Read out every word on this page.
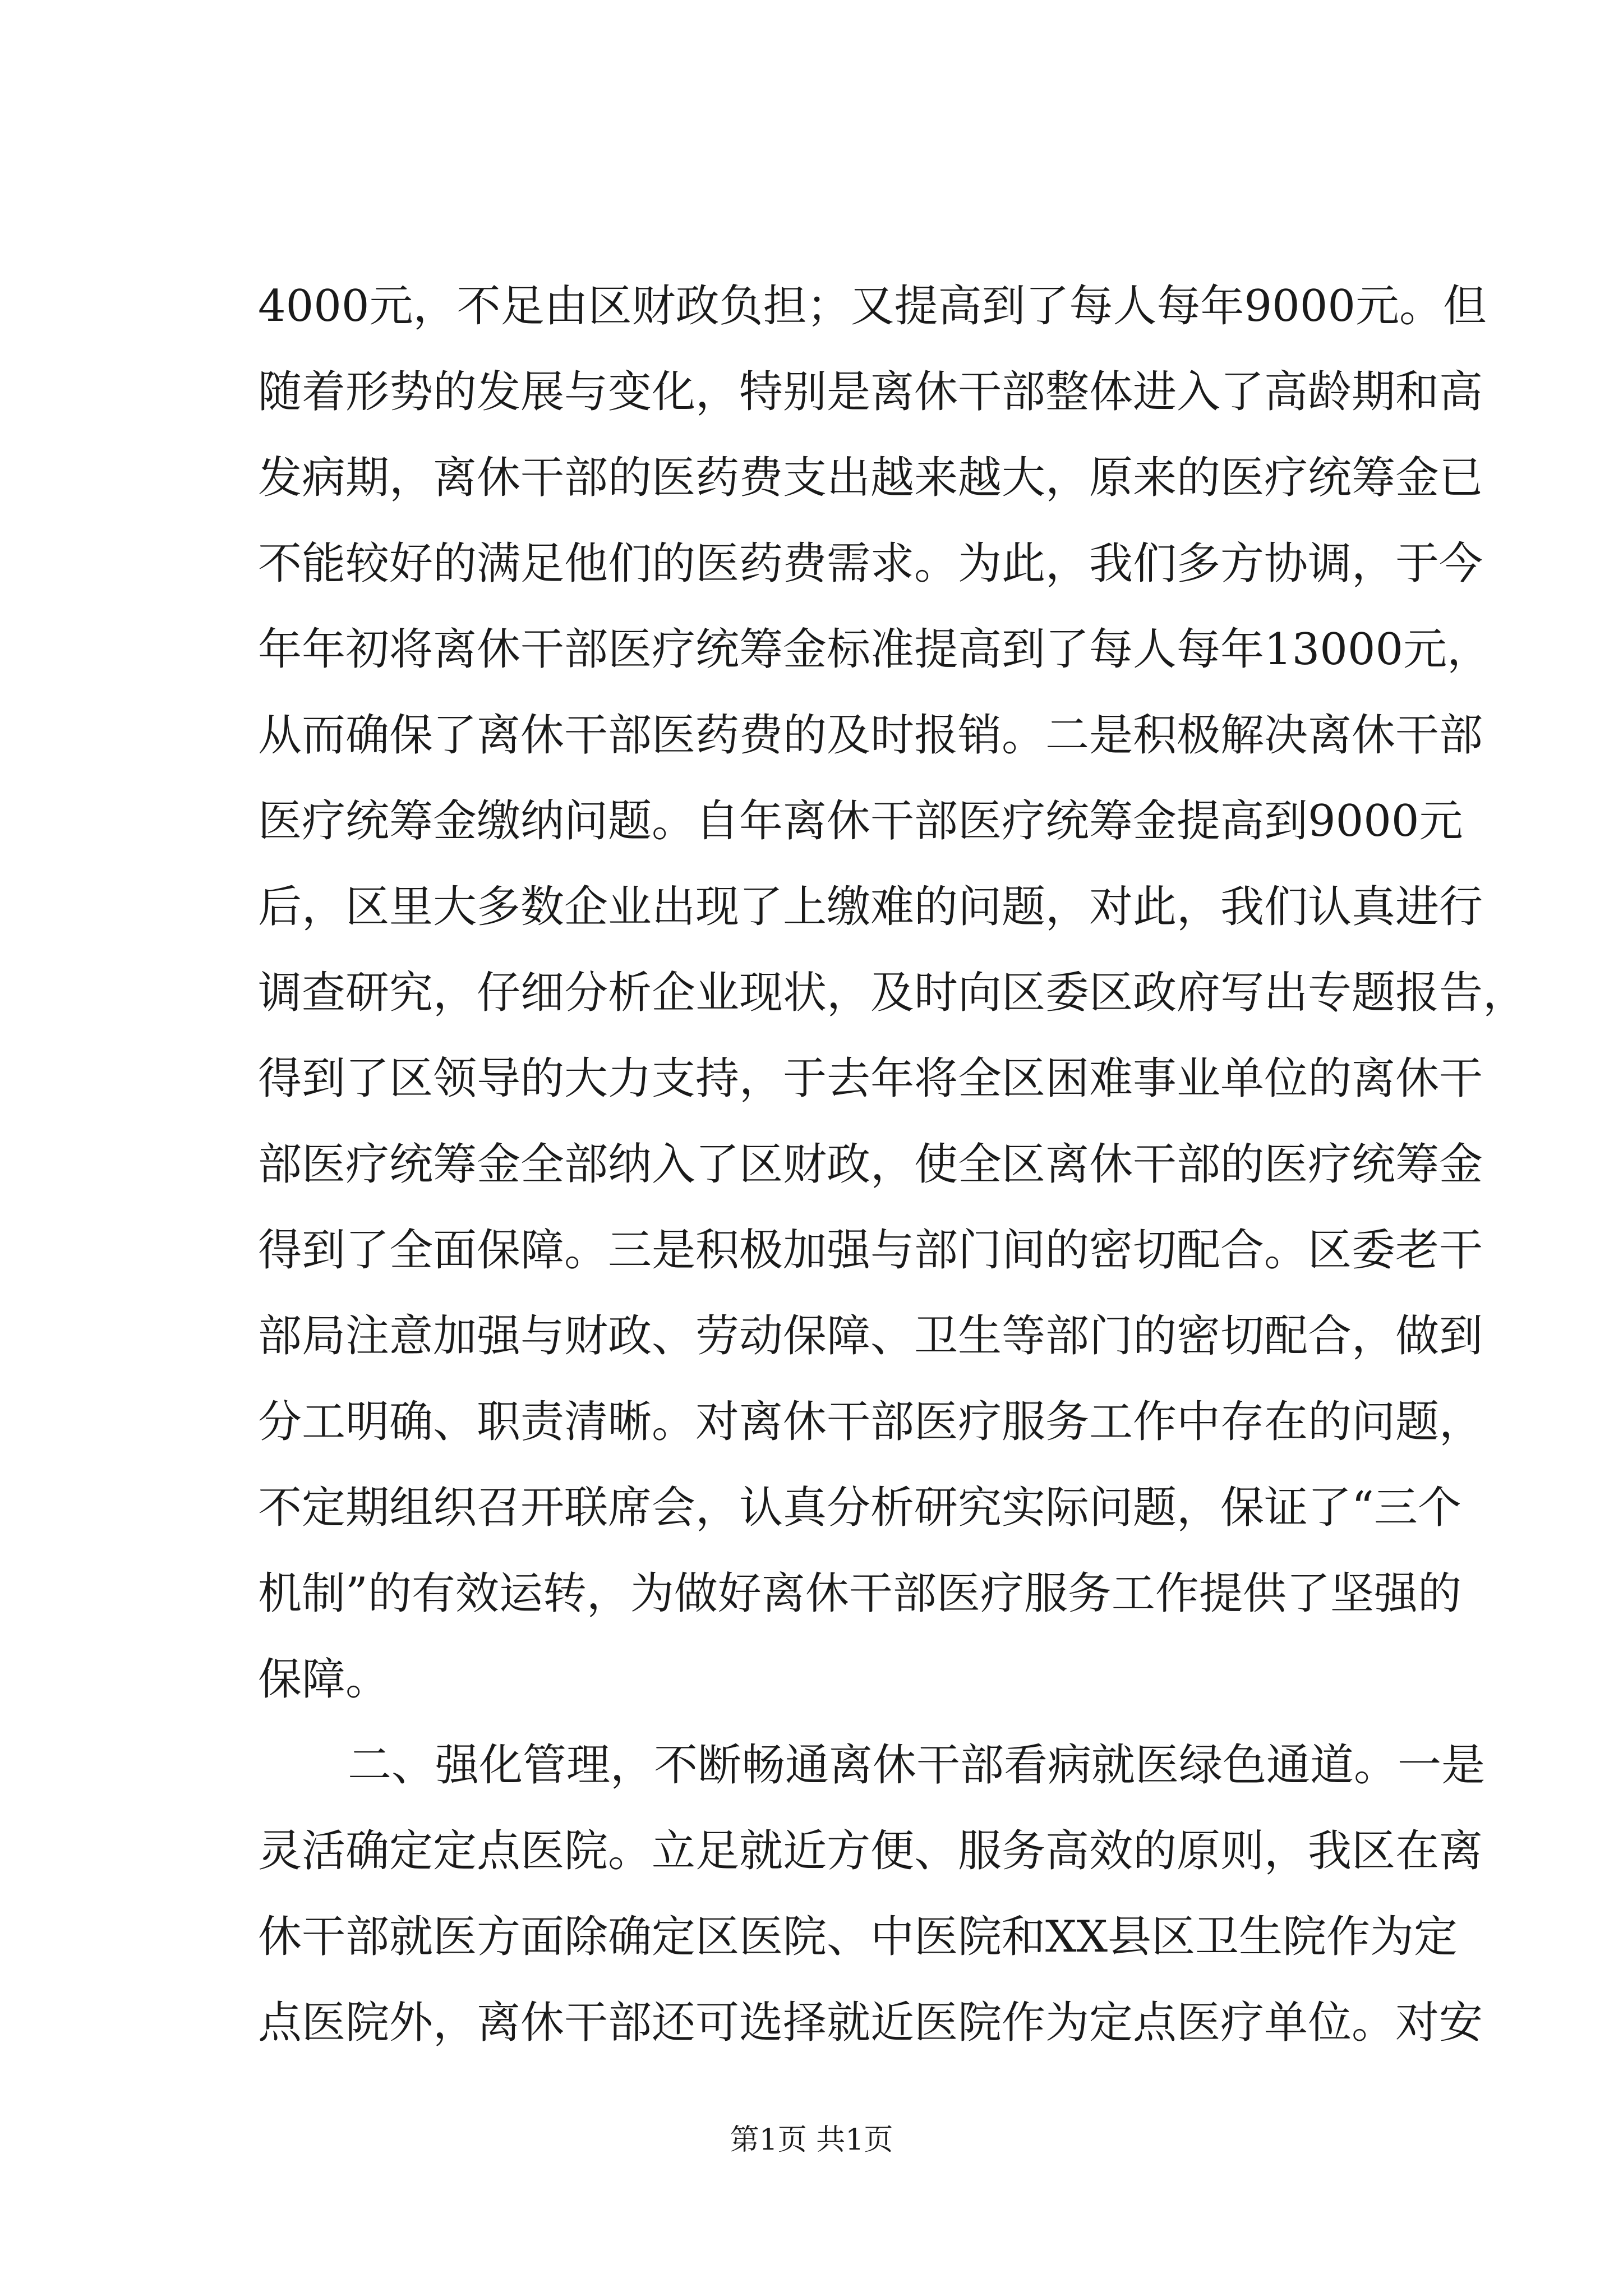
4000元，不足由区财政负担；又提高到了每人每年9000元。但
随着形势的发展与变化，特别是离休干部整体进入了高龄期和高
发病期，离休干部的医药费支出越来越大，原来的医疗统筹金已
不能较好的满足他们的医药费需求。为此，我们多方协调，于今
年年初将离休干部医疗统筹金标准提高到了每人每年13000元，
从而确保了离休干部医药费的及时报销。二是积极解决离休干部
医疗统筹金缴纳问题。自年离休干部医疗统筹金提高到9000元
后，区里大多数企业出现了上缴难的问题，对此，我们认真进行
调查研究，仔细分析企业现状，及时向区委区政府写出专题报告，
得到了区领导的大力支持，于去年将全区困难事业单位的离休干
部医疗统筹金全部纳入了区财政，使全区离休干部的医疗统筹金
得到了全面保障。三是积极加强与部门间的密切配合。区委老干
部局注意加强与财政、劳动保障、卫生等部门的密切配合，做到
分工明确、职责清晰。对离休干部医疗服务工作中存在的问题，
不定期组织召开联席会，认真分析研究实际问题，保证了“三个
机制”的有效运转，为做好离休干部医疗服务工作提供了坚强的
保障。
二、强化管理，不断畅通离休干部看病就医绿色通道。一是
灵活确定定点医院。立足就近方便、服务高效的原则，我区在离
休干部就医方面除确定区医院、中医院和XX县区卫生院作为定
点医院外，离休干部还可选择就近医院作为定点医疗单位。对安
第1页 共1页
